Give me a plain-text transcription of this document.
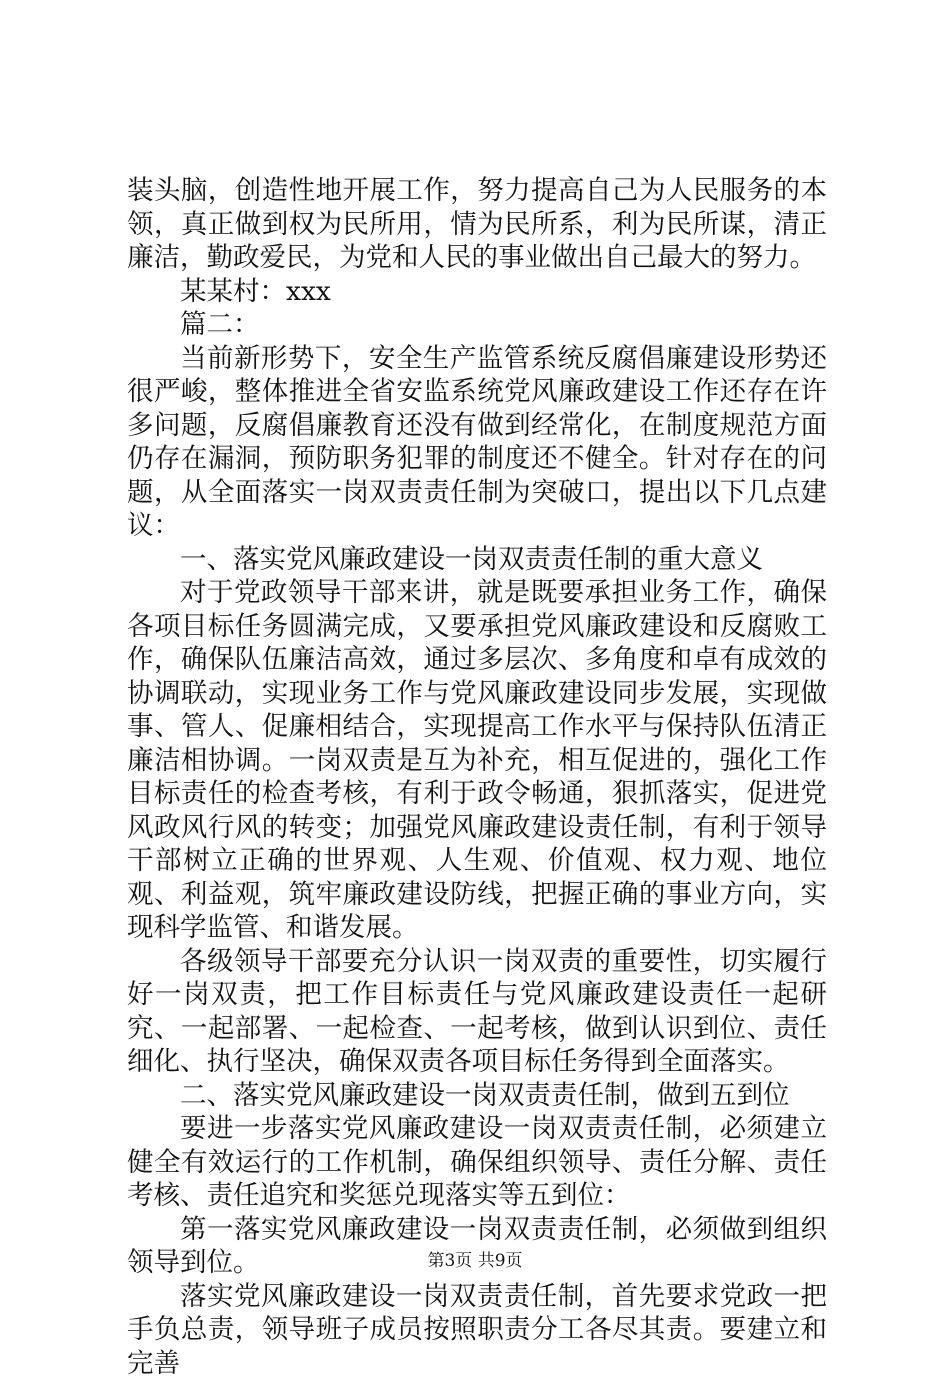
装头脑，创造性地开展工作，努力提高自己为人民服务的本领，真正做到权为民所用，情为民所系，利为民所谋，清正廉洁，勤政爱民，为党和人民的事业做出自己最大的努力。

某某村：xxx

篇二：

当前新形势下，安全生产监管系统反腐倡廉建设形势还很严峻，整体推进全省安监系统党风廉政建设工作还存在许多问题，反腐倡廉教育还没有做到经常化，在制度规范方面仍存在漏洞，预防职务犯罪的制度还不健全。针对存在的问题，从全面落实一岗双责责任制为突破口，提出以下几点建议：

一、落实党风廉政建设一岗双责责任制的重大意义

对于党政领导干部来讲，就是既要承担业务工作，确保各项目标任务圆满完成，又要承担党风廉政建设和反腐败工作，确保队伍廉洁高效，通过多层次、多角度和卓有成效的协调联动，实现业务工作与党风廉政建设同步发展，实现做事、管人、促廉相结合，实现提高工作水平与保持队伍清正廉洁相协调。一岗双责是互为补充，相互促进的，强化工作目标责任的检查考核，有利于政令畅通，狠抓落实，促进党风政风行风的转变；加强党风廉政建设责任制，有利于领导干部树立正确的世界观、人生观、价值观、权力观、地位观、利益观，筑牢廉政建设防线，把握正确的事业方向，实现科学监管、和谐发展。

各级领导干部要充分认识一岗双责的重要性，切实履行好一岗双责，把工作目标责任与党风廉政建设责任一起研究、一起部署、一起检查、一起考核，做到认识到位、责任细化、执行坚决，确保双责各项目标任务得到全面落实。

二、落实党风廉政建设一岗双责责任制，做到五到位

要进一步落实党风廉政建设一岗双责责任制，必须建立健全有效运行的工作机制，确保组织领导、责任分解、责任考核、责任追究和奖惩兑现落实等五到位：

第一落实党风廉政建设一岗双责责任制，必须做到组织领导到位。

落实党风廉政建设一岗双责责任制，首先要求党政一把手负总责，领导班子成员按照职责分工各尽其责。要建立和完善

第3页 共9页
